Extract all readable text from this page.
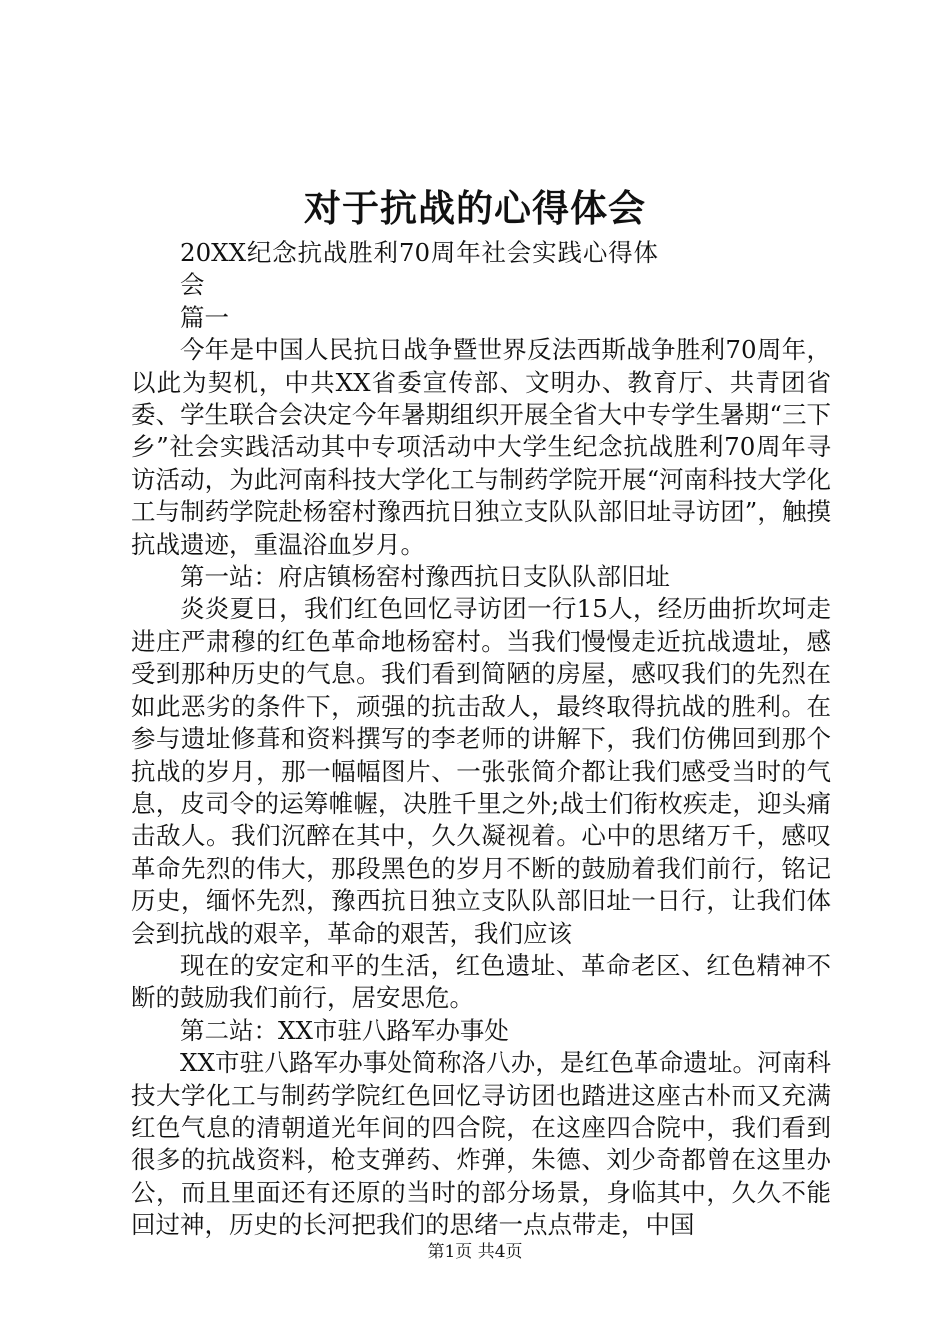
对于抗战的心得体会

20XX纪念抗战胜利70周年社会实践心得体会

篇一

今年是中国人民抗日战争暨世界反法西斯战争胜利70周年，以此为契机，中共XX省委宣传部、文明办、教育厅、共青团省委、学生联合会决定今年暑期组织开展全省大中专学生暑期“三下乡”社会实践活动其中专项活动中大学生纪念抗战胜利70周年寻访活动，为此河南科技大学化工与制药学院开展“河南科技大学化工与制药学院赴杨窑村豫西抗日独立支队队部旧址寻访团”，触摸抗战遗迹，重温浴血岁月。

第一站：府店镇杨窑村豫西抗日支队队部旧址

炎炎夏日，我们红色回忆寻访团一行15人，经历曲折坎坷走进庄严肃穆的红色革命地杨窑村。当我们慢慢走近抗战遗址，感受到那种历史的气息。我们看到简陋的房屋，感叹我们的先烈在如此恶劣的条件下，顽强的抗击敌人，最终取得抗战的胜利。在参与遗址修葺和资料撰写的李老师的讲解下，我们仿佛回到那个抗战的岁月，那一幅幅图片、一张张简介都让我们感受当时的气息，皮司令的运筹帷幄，决胜千里之外;战士们衔枚疾走，迎头痛击敌人。我们沉醉在其中，久久凝视着。心中的思绪万千，感叹革命先烈的伟大，那段黑色的岁月不断的鼓励着我们前行，铭记历史，缅怀先烈，豫西抗日独立支队队部旧址一日行，让我们体会到抗战的艰辛，革命的艰苦，我们应该

现在的安定和平的生活，红色遗址、革命老区、红色精神不断的鼓励我们前行，居安思危。

第二站：XX市驻八路军办事处

XX市驻八路军办事处简称洛八办，是红色革命遗址。河南科技大学化工与制药学院红色回忆寻访团也踏进这座古朴而又充满红色气息的清朝道光年间的四合院，在这座四合院中，我们看到很多的抗战资料，枪支弹药、炸弹，朱德、刘少奇都曾在这里办公，而且里面还有还原的当时的部分场景，身临其中，久久不能回过神，历史的长河把我们的思绪一点点带走，中国

第1页 共4页
